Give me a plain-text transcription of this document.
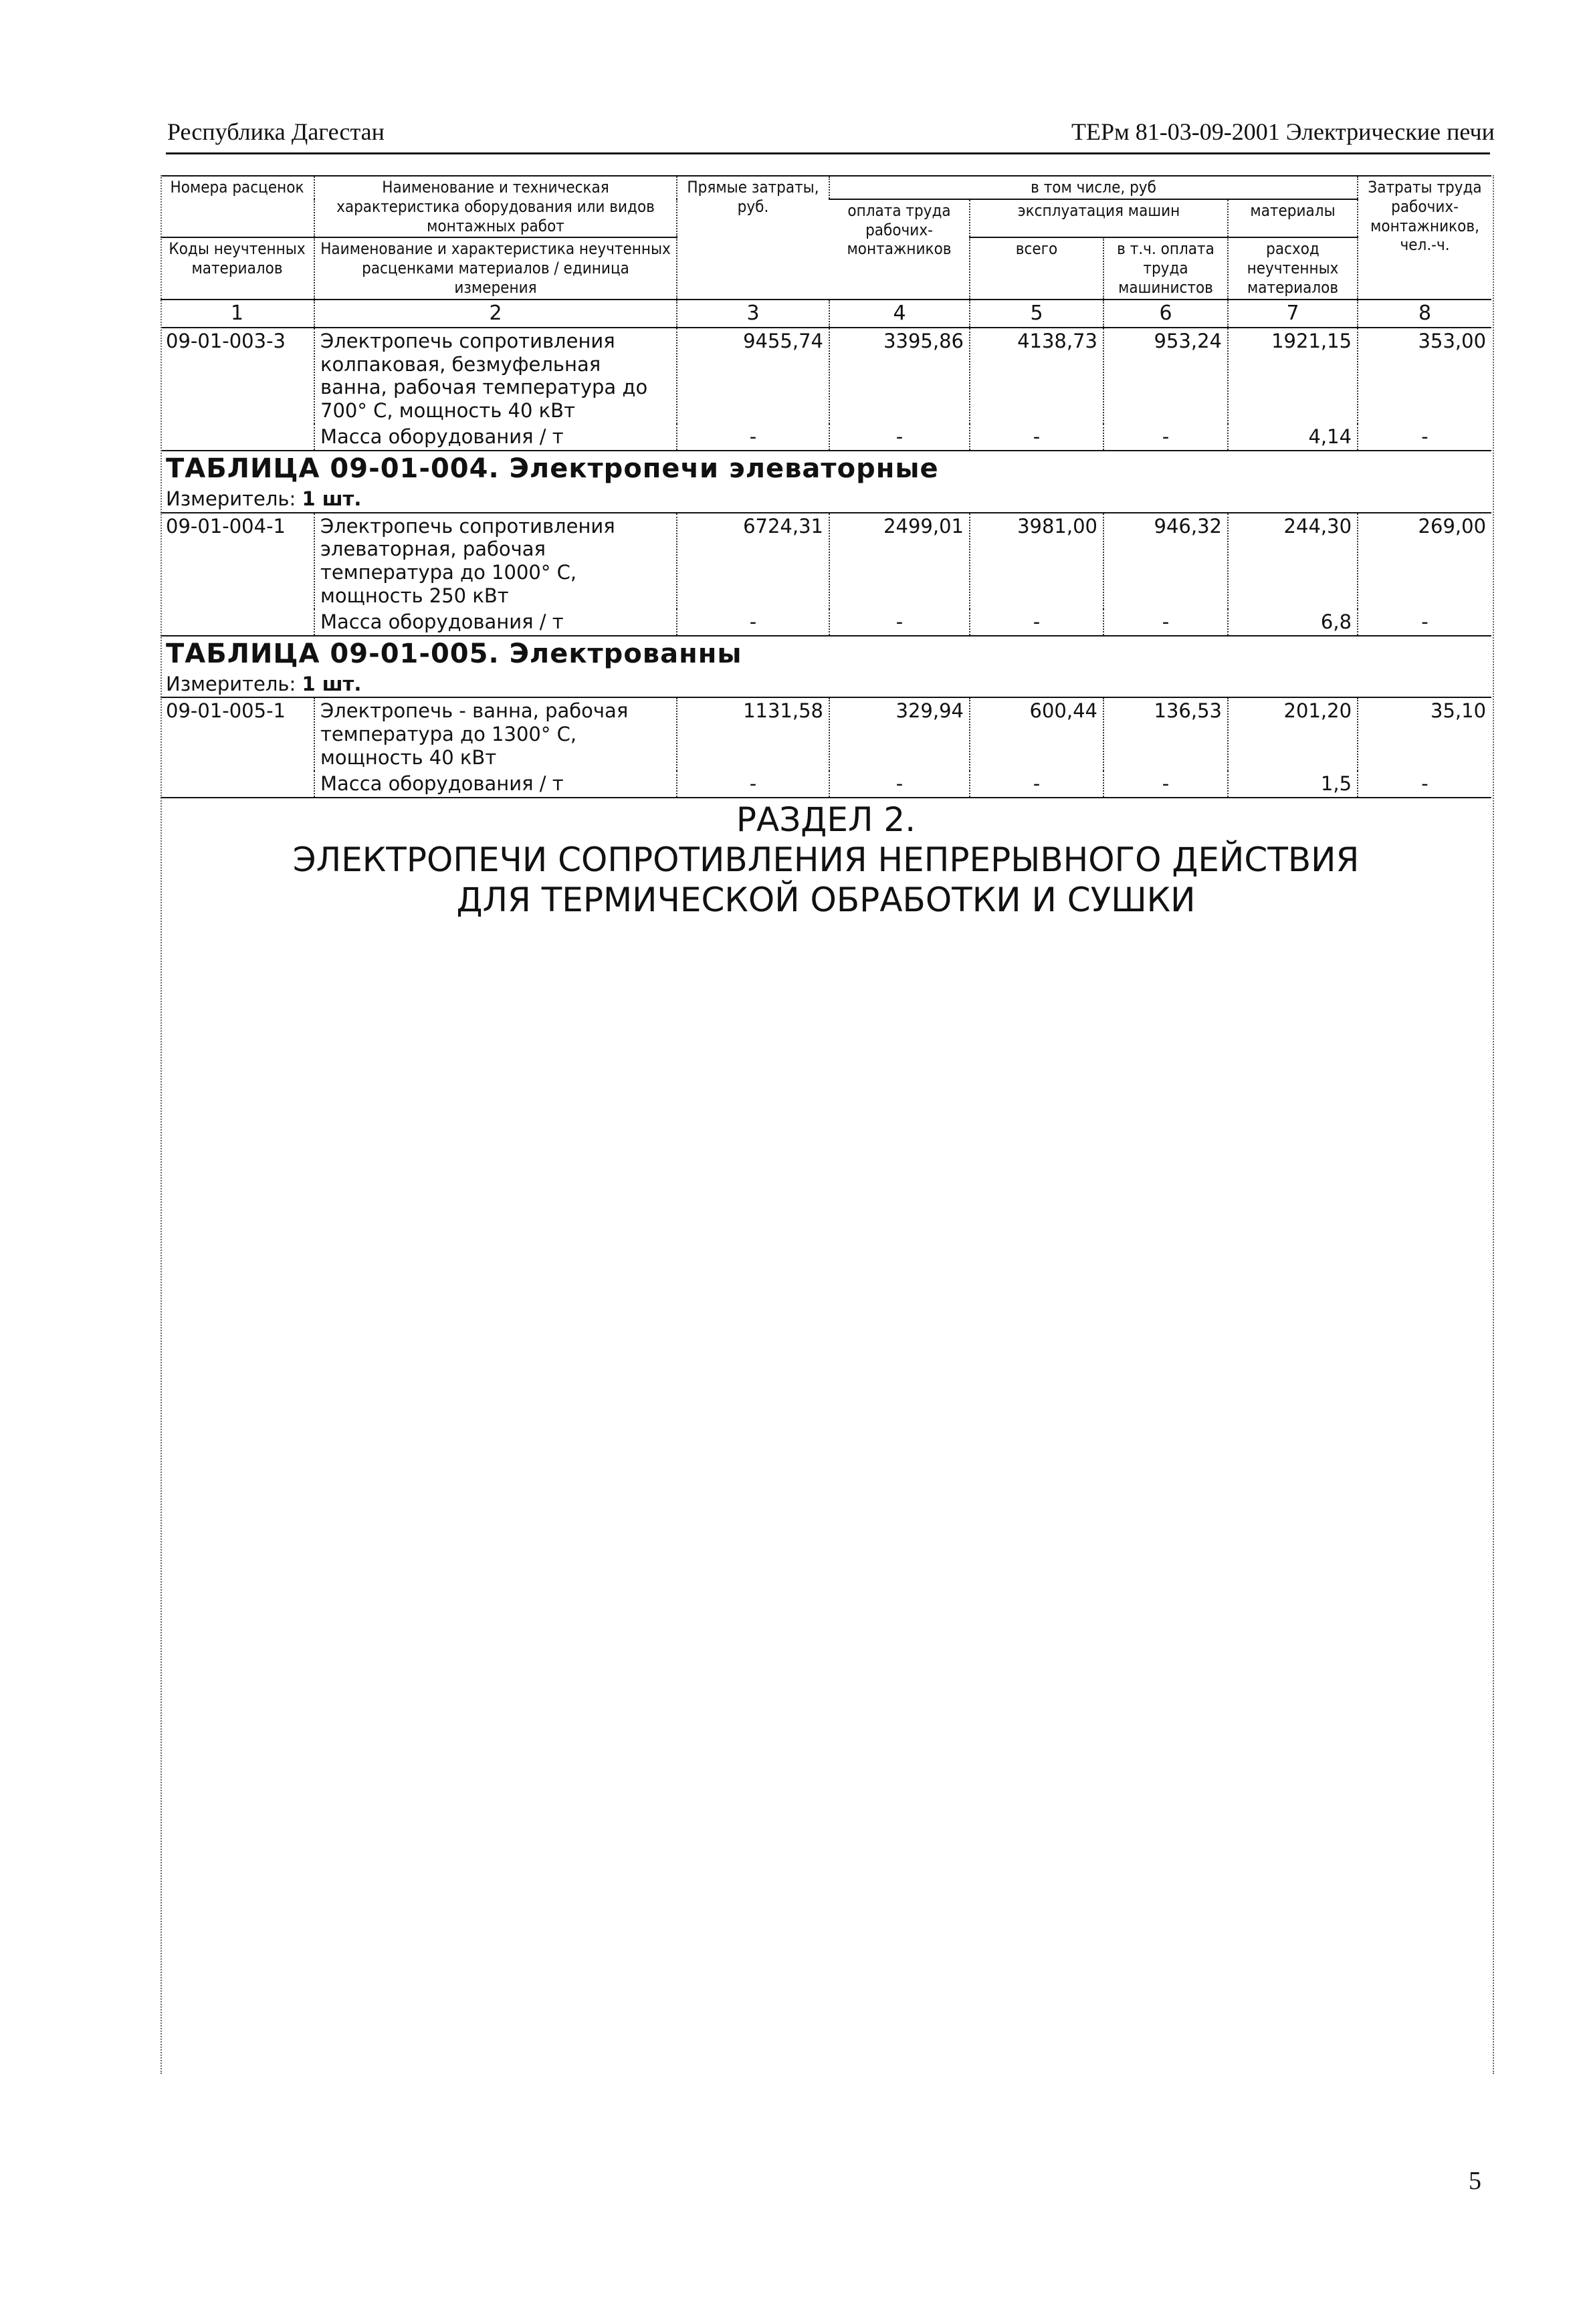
Республика Дагестан	ТЕРм 81-03-09-2001 Электрические печи
Номера расценок	Наименование и техническая характеристика оборудования или видов монтажных работ	Прямые затраты, руб.	в том числе, руб				Затраты труда рабочих-монтажников, чел.-ч.
			оплата труда рабочих-монтажников	эксплуатация машин		материалы	
Коды неучтенных материалов	Наименование и характеристика неучтенных расценками материалов / единица измерения			всего	в т.ч. оплата труда машинистов	расход неучтенных материалов	

1	2	3	4	5	6	7	8
09-01-003-3	Электропечь сопротивления колпаковая, безмуфельная ванна, рабочая температура до 700° С, мощность 40 кВт	9455,74	3395,86	4138,73	953,24	1921,15	353,00
	Масса оборудования / т	-	-	-	-	4,14	-
ТАБЛИЦА 09-01-004. Электропечи элеваторные							
Измеритель: 1 шт.							
09-01-004-1	Электропечь сопротивления элеваторная, рабочая температура до 1000° С, мощность 250 кВт	6724,31	2499,01	3981,00	946,32	244,30	269,00
	Масса оборудования / т	-	-	-	-	6,8	-
ТАБЛИЦА 09-01-005. Электрованны							
Измеритель: 1 шт.							
09-01-005-1	Электропечь - ванна, рабочая температура до 1300° С, мощность 40 кВт	1131,58	329,94	600,44	136,53	201,20	35,10
	Масса оборудования / т	-	-	-	-	1,5	-

РАЗДЕЛ 2.
ЭЛЕКТРОПЕЧИ СОПРОТИВЛЕНИЯ НЕПРЕРЫВНОГО ДЕЙСТВИЯ ДЛЯ ТЕРМИЧЕСКОЙ ОБРАБОТКИ И СУШКИ							
5
